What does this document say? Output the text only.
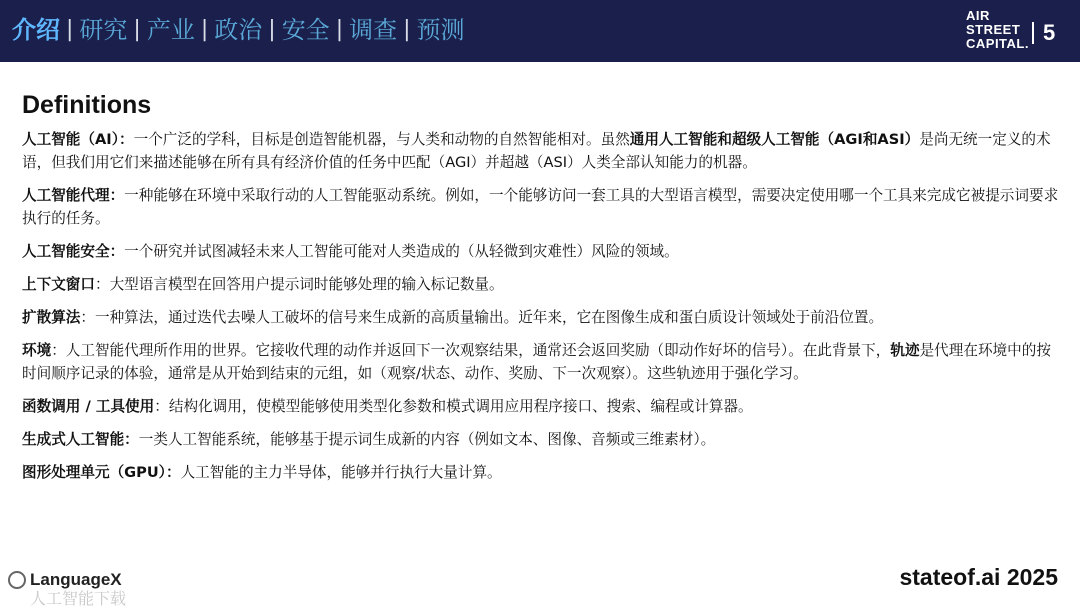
介绍 | 研究 | 产业 | 政治 | 安全 | 调查 | 预测
AIR
STREET
CAPITAL. 5
Definitions

人工智能（AI）：一个广泛的学科，目标是创造智能机器，与人类和动物的自然智能相对。虽然通用人工智能和超级人工智能（AGI和ASI）是尚无统一定义的术语，但我们用它们来描述能够在所有具有经济价值的任务中匹配（AGI）并超越（ASI）人类全部认知能力的机器。

人工智能代理：一种能够在环境中采取行动的人工智能驱动系统。例如，一个能够访问一套工具的大型语言模型，需要决定使用哪一个工具来完成它被提示词要求执行的任务。

人工智能安全：一个研究并试图减轻未来人工智能可能对人类造成的（从轻微到灾难性）风险的领域。

上下文窗口：大型语言模型在回答用户提示词时能够处理的输入标记数量。

扩散算法：一种算法，通过迭代去噪人工破坏的信号来生成新的高质量输出。近年来，它在图像生成和蛋白质设计领域处于前沿位置。

环境：人工智能代理所作用的世界。它接收代理的动作并返回下一次观察结果，通常还会返回奖励（即动作好坏的信号）。在此背景下，轨迹是代理在环境中的按时间顺序记录的体验，通常是从开始到结束的元组，如（观察/状态、动作、奖励、下一次观察）。这些轨迹用于强化学习。

函数调用 / 工具使用：结构化调用，使模型能够使用类型化参数和模式调用应用程序接口、搜索、编程或计算器。

生成式人工智能：一类人工智能系统，能够基于提示词生成新的内容（例如文本、图像、音频或三维素材）。

图形处理单元（GPU）：人工智能的主力半导体，能够并行执行大量计算。

LanguageX
人工智能下载
stateof.ai 2025
